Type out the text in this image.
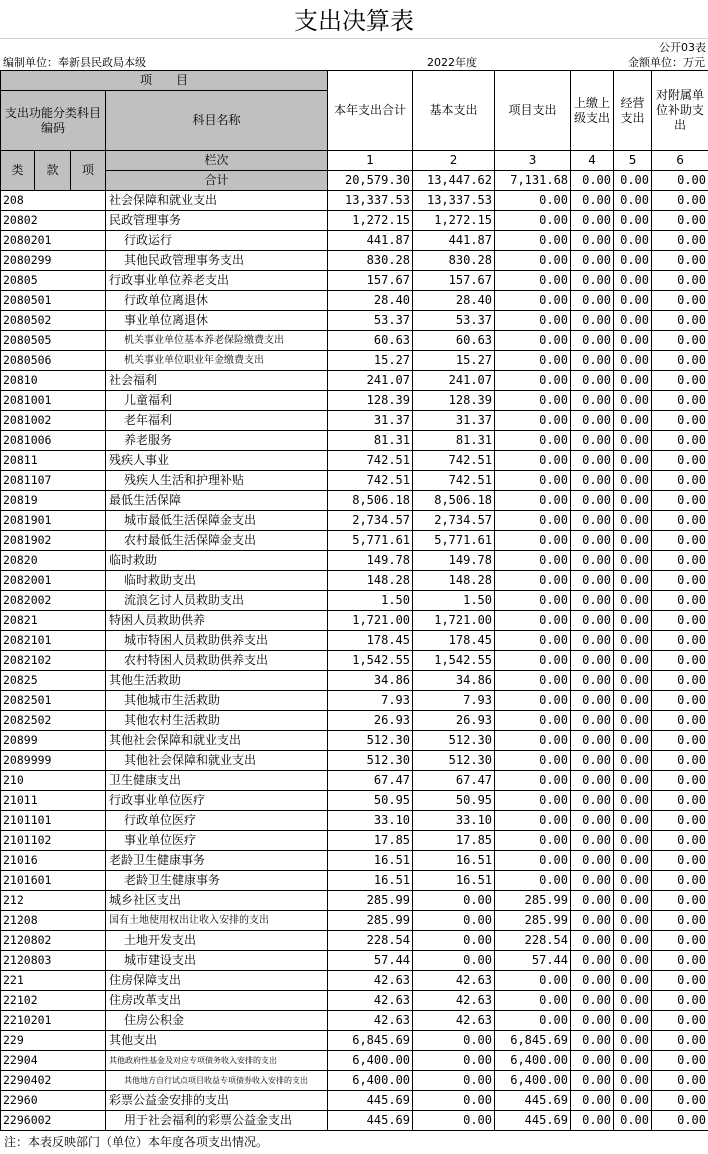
支出决算表
公开03表
编制单位：奉新县民政局本级	2022年度	金额单位：万元
项　　目				本年支出合计	基本支出	项目支出	上缴上级支出	经营支出	对附属单位补助支出
支出功能分类科目编码			科目名称						
类	款	项	栏次	1	2	3	4	5	6
			合计	20,579.30	13,447.62	7,131.68	0.00	0.00	0.00
208			社会保障和就业支出	13,337.53	13,337.53	0.00	0.00	0.00	0.00
20802			民政管理事务	1,272.15	1,272.15	0.00	0.00	0.00	0.00
2080201			行政运行	441.87	441.87	0.00	0.00	0.00	0.00
2080299			其他民政管理事务支出	830.28	830.28	0.00	0.00	0.00	0.00
20805			行政事业单位养老支出	157.67	157.67	0.00	0.00	0.00	0.00
2080501			行政单位离退休	28.40	28.40	0.00	0.00	0.00	0.00
2080502			事业单位离退休	53.37	53.37	0.00	0.00	0.00	0.00
2080505			机关事业单位基本养老保险缴费支出	60.63	60.63	0.00	0.00	0.00	0.00
2080506			机关事业单位职业年金缴费支出	15.27	15.27	0.00	0.00	0.00	0.00
20810			社会福利	241.07	241.07	0.00	0.00	0.00	0.00
2081001			儿童福利	128.39	128.39	0.00	0.00	0.00	0.00
2081002			老年福利	31.37	31.37	0.00	0.00	0.00	0.00
2081006			养老服务	81.31	81.31	0.00	0.00	0.00	0.00
20811			残疾人事业	742.51	742.51	0.00	0.00	0.00	0.00
2081107			残疾人生活和护理补贴	742.51	742.51	0.00	0.00	0.00	0.00
20819			最低生活保障	8,506.18	8,506.18	0.00	0.00	0.00	0.00
2081901			城市最低生活保障金支出	2,734.57	2,734.57	0.00	0.00	0.00	0.00
2081902			农村最低生活保障金支出	5,771.61	5,771.61	0.00	0.00	0.00	0.00
20820			临时救助	149.78	149.78	0.00	0.00	0.00	0.00
2082001			临时救助支出	148.28	148.28	0.00	0.00	0.00	0.00
2082002			流浪乞讨人员救助支出	1.50	1.50	0.00	0.00	0.00	0.00
20821			特困人员救助供养	1,721.00	1,721.00	0.00	0.00	0.00	0.00
2082101			城市特困人员救助供养支出	178.45	178.45	0.00	0.00	0.00	0.00
2082102			农村特困人员救助供养支出	1,542.55	1,542.55	0.00	0.00	0.00	0.00
20825			其他生活救助	34.86	34.86	0.00	0.00	0.00	0.00
2082501			其他城市生活救助	7.93	7.93	0.00	0.00	0.00	0.00
2082502			其他农村生活救助	26.93	26.93	0.00	0.00	0.00	0.00
20899			其他社会保障和就业支出	512.30	512.30	0.00	0.00	0.00	0.00
2089999			其他社会保障和就业支出	512.30	512.30	0.00	0.00	0.00	0.00
210			卫生健康支出	67.47	67.47	0.00	0.00	0.00	0.00
21011			行政事业单位医疗	50.95	50.95	0.00	0.00	0.00	0.00
2101101			行政单位医疗	33.10	33.10	0.00	0.00	0.00	0.00
2101102			事业单位医疗	17.85	17.85	0.00	0.00	0.00	0.00
21016			老龄卫生健康事务	16.51	16.51	0.00	0.00	0.00	0.00
2101601			老龄卫生健康事务	16.51	16.51	0.00	0.00	0.00	0.00
212			城乡社区支出	285.99	0.00	285.99	0.00	0.00	0.00
21208			国有土地使用权出让收入安排的支出	285.99	0.00	285.99	0.00	0.00	0.00
2120802			土地开发支出	228.54	0.00	228.54	0.00	0.00	0.00
2120803			城市建设支出	57.44	0.00	57.44	0.00	0.00	0.00
221			住房保障支出	42.63	42.63	0.00	0.00	0.00	0.00
22102			住房改革支出	42.63	42.63	0.00	0.00	0.00	0.00
2210201			住房公积金	42.63	42.63	0.00	0.00	0.00	0.00
229			其他支出	6,845.69	0.00	6,845.69	0.00	0.00	0.00
22904			其他政府性基金及对应专项债务收入安排的支出	6,400.00	0.00	6,400.00	0.00	0.00	0.00
2290402			其他地方自行试点项目收益专项债券收入安排的支出	6,400.00	0.00	6,400.00	0.00	0.00	0.00
22960			彩票公益金安排的支出	445.69	0.00	445.69	0.00	0.00	0.00
2296002			用于社会福利的彩票公益金支出	445.69	0.00	445.69	0.00	0.00	0.00
注：本表反映部门（单位）本年度各项支出情况。
